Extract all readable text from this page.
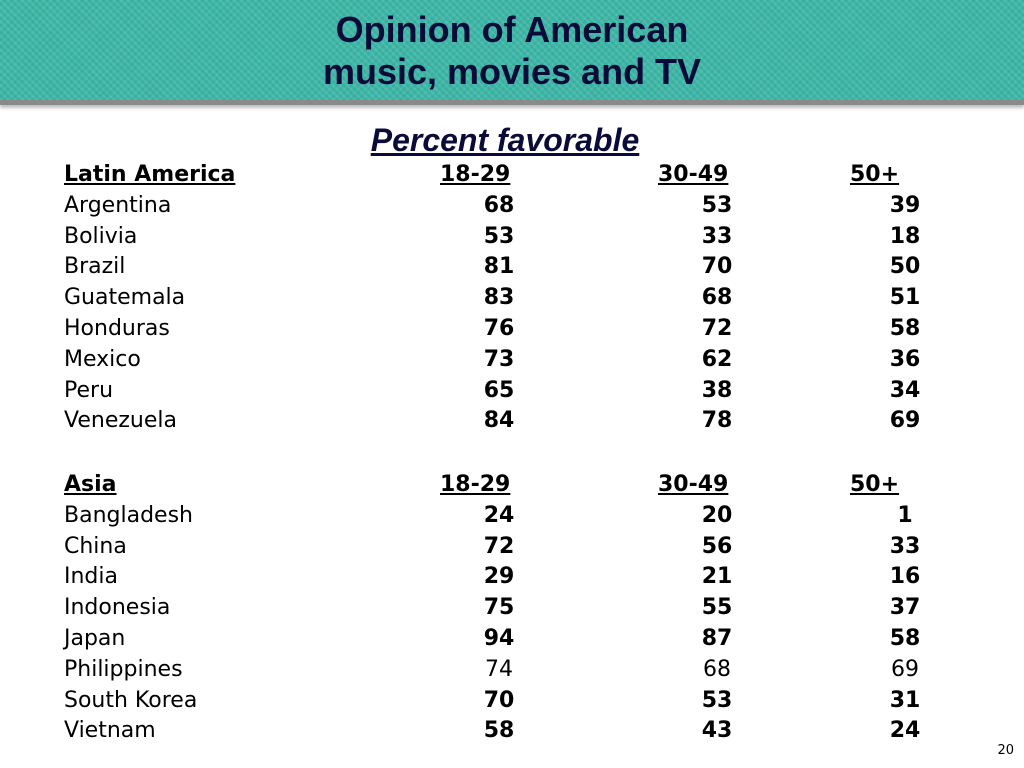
Opinion of American
music, movies and TV
Percent favorable
Latin America	18-29	30-49	50+
Argentina	68	53	39
Bolivia	53	33	18
Brazil	81	70	50
Guatemala	83	68	51
Honduras	76	72	58
Mexico	73	62	36
Peru	65	38	34
Venezuela	84	78	69
Asia	18-29	30-49	50+
Bangladesh	24	20	1
China	72	56	33
India	29	21	16
Indonesia	75	55	37
Japan	94	87	58
Philippines	74	68	69
South Korea	70	53	31
Vietnam	58	43	24
20
